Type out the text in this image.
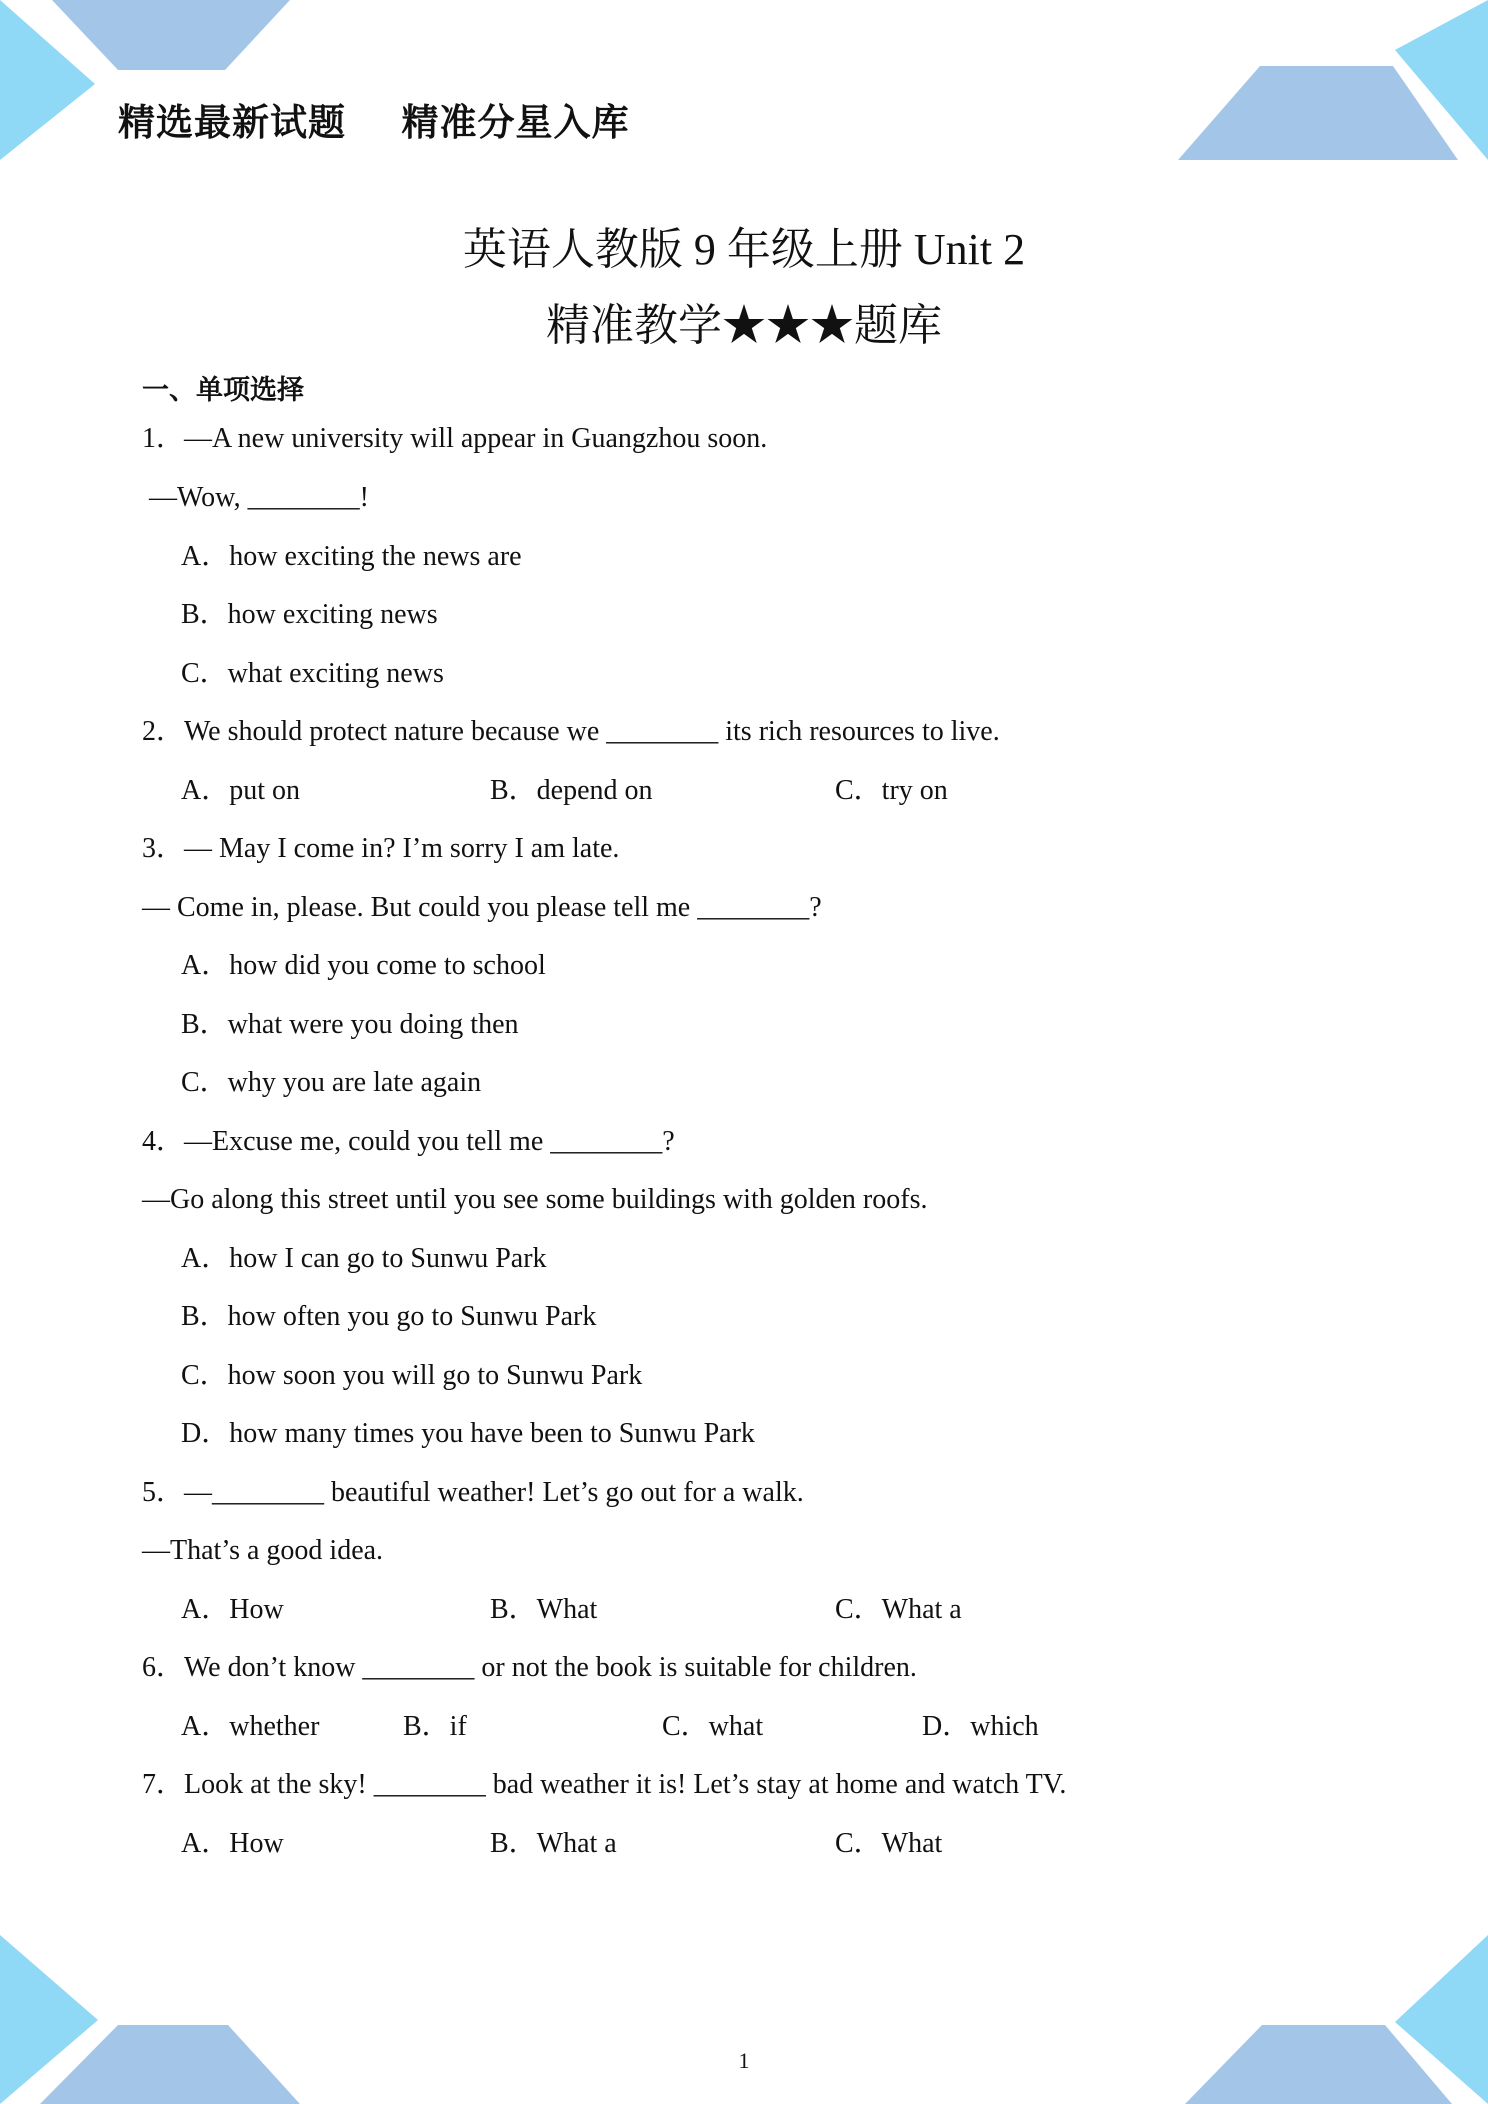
精选最新试题    精准分星入库
英语人教版 9 年级上册 Unit 2
精准教学★★★题库
一、单项选择
1．—A new university will appear in Guangzhou soon.
—Wow, ________!
A．how exciting the news are
B．how exciting news
C．what exciting news
2．We should protect nature because we ________ its rich resources to live.

A．put on

	B．depend on

	C．try on

3．— May I come in? I’m sorry I am late.
— Come in, please. But could you please tell me ________?
A．how did you come to school
B．what were you doing then
C．why you are late again
4．—Excuse me, could you tell me ________?
—Go along this street until you see some buildings with golden roofs.
A．how I can go to Sunwu Park
B．how often you go to Sunwu Park
C．how soon you will go to Sunwu Park
D．how many times you have been to Sunwu Park
5．—________ beautiful weather! Let’s go out for a walk.
—That’s a good idea.

A．How

	B．What

	C．What a

6．We don’t know ________ or not the book is suitable for children.

A．whether

	B．if

	C．what

	D．which

7．Look at the sky! ________ bad weather it is! Let’s stay at home and watch TV.

A．How

	B．What a

	C．What

1
